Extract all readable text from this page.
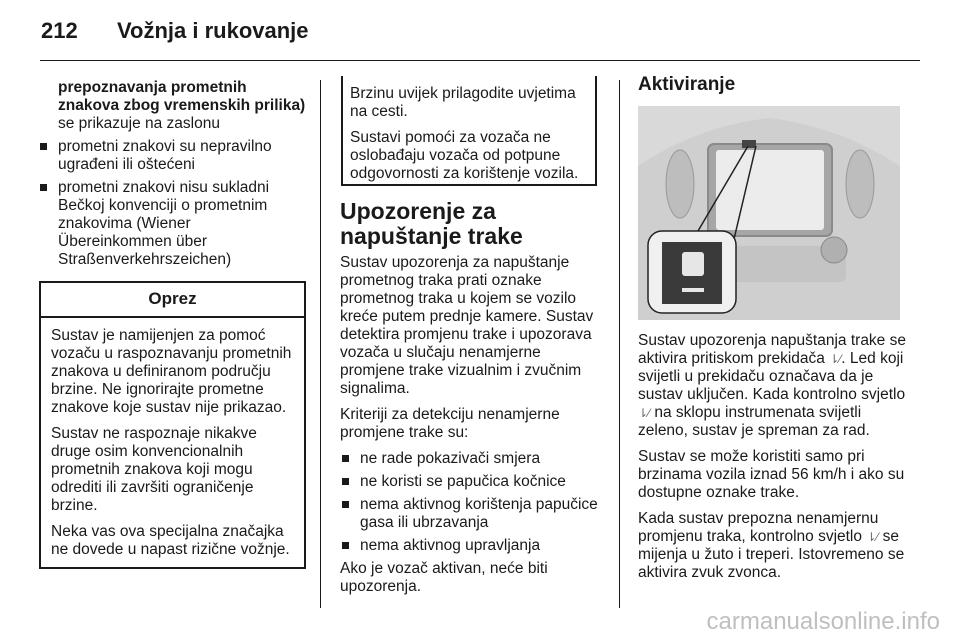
212 Vožnja i rukovanje

prepoznavanja prometnih znakova zbog vremenskih prilika) se prikazuje na zaslonu

prometni znakovi su nepravilno ugrađeni ili oštećeni
prometni znakovi nisu sukladni Bečkoj konvenciji o prometnim znakovima (Wiener Übereinkommen über Straßenverkehrszeichen)
Oprez

Sustav je namijenjen za pomoć vozaču u raspoznavanju prometnih znakova u definiranom području brzine. Ne ignorirajte prometne znakove koje sustav nije prikazao.

Sustav ne raspoznaje nikakve druge osim konvencionalnih prometnih znakova koji mogu odrediti ili završiti ograničenje brzine.

Neka vas ova specijalna značajka ne dovede u napast rizične vožnje.

Brzinu uvijek prilagodite uvjetima na cesti.

Sustavi pomoći za vozača ne oslobađaju vozača od potpune odgovornosti za korištenje vozila.

Upozorenje za napuštanje trake

Sustav upozorenja za napuštanje prometnog traka prati oznake prometnog traka u kojem se vozilo kreće putem prednje kamere. Sustav detektira promjenu trake i upozorava vozača u slučaju nenamjerne promjene trake vizualnim i zvučnim signalima.

Kriteriji za detekciju nenamjerne promjene trake su:

ne rade pokazivači smjera
ne koristi se papučica kočnice
nema aktivnog korištenja papučice gasa ili ubrzavanja
nema aktivnog upravljanja

Ako je vozač aktivan, neće biti upozorenja.

Aktiviranje

Sustav upozorenja napuštanja trake se aktivira pritiskom prekidača ⇂⁄. Led koji svijetli u prekidaču označava da je sustav uključen. Kada kontrolno svjetlo ⇂⁄ na sklopu instrumenata svijetli zeleno, sustav je spreman za rad.

Sustav se može koristiti samo pri brzinama vozila iznad 56 km/h i ako su dostupne oznake trake.

Kada sustav prepozna nenamjernu promjenu traka, kontrolno svjetlo ⇂⁄ se mijenja u žuto i treperi. Istovremeno se aktivira zvuk zvonca.

carmanualsonline.info
